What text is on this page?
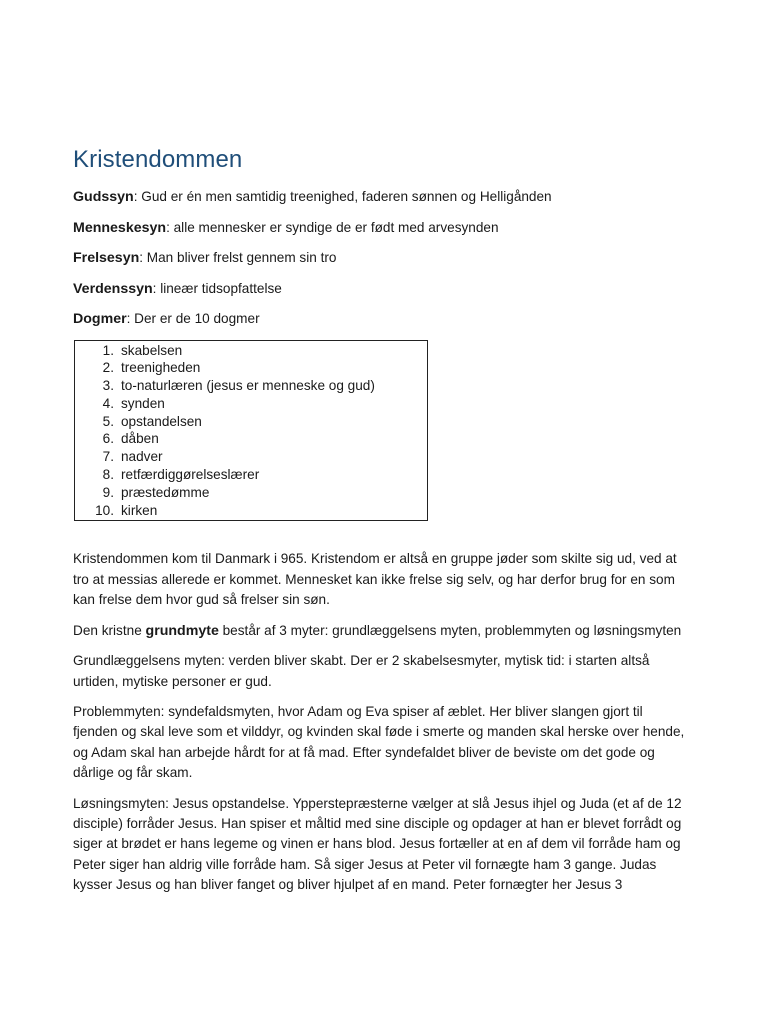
Kristendommen

Gudssyn: Gud er én men samtidig treenighed, faderen sønnen og Helligånden

Menneskesyn: alle mennesker er syndige de er født med arvesynden

Frelsesyn: Man bliver frelst gennem sin tro

Verdenssyn: lineær tidsopfattelse

Dogmer: Der er de 10 dogmer

1. skabelsen
2. treenigheden
3. to-naturlæren (jesus er menneske og gud)
4. synden
5. opstandelsen
6. dåben
7. nadver
8. retfærdiggørelseslærer
9. præstedømme
10. kirken

Kristendommen kom til Danmark i 965. Kristendom er altså en gruppe jøder som skilte sig ud, ved at tro at messias allerede er kommet. Mennesket kan ikke frelse sig selv, og har derfor brug for en som kan frelse dem hvor gud så frelser sin søn.

Den kristne grundmyte består af 3 myter: grundlæggelsens myten, problemmyten og løsningsmyten

Grundlæggelsens myten: verden bliver skabt. Der er 2 skabelsesmyter, mytisk tid: i starten altså urtiden, mytiske personer er gud.

Problemmyten: syndefaldsmyten, hvor Adam og Eva spiser af æblet. Her bliver slangen gjort til fjenden og skal leve som et vilddyr, og kvinden skal føde i smerte og manden skal herske over hende, og Adam skal han arbejde hårdt for at få mad. Efter syndefaldet bliver de beviste om det gode og dårlige og får skam.

Løsningsmyten: Jesus opstandelse. Ypperstepræsterne vælger at slå Jesus ihjel og Juda (et af de 12 disciple) forråder Jesus. Han spiser et måltid med sine disciple og opdager at han er blevet forrådt og siger at brødet er hans legeme og vinen er hans blod. Jesus fortæller at en af dem vil forråde ham og Peter siger han aldrig ville forråde ham. Så siger Jesus at Peter vil fornægte ham 3 gange. Judas kysser Jesus og han bliver fanget og bliver hjulpet af en mand. Peter fornægter her Jesus 3
